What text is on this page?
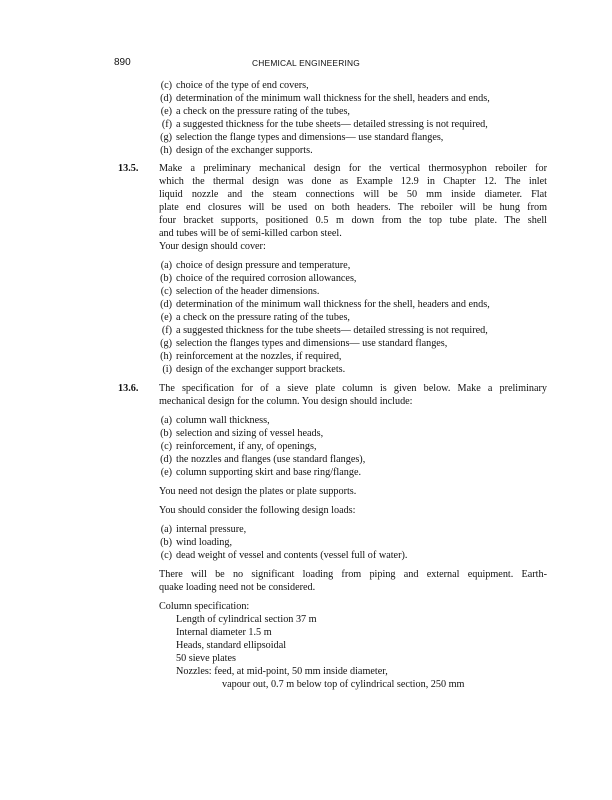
890	CHEMICAL ENGINEERING
(c) choice of the type of end covers,
(d) determination of the minimum wall thickness for the shell, headers and ends,
(e) a check on the pressure rating of the tubes,
(f) a suggested thickness for the tube sheets— detailed stressing is not required,
(g) selection the flange types and dimensions— use standard flanges,
(h) design of the exchanger supports.
13.5. Make a preliminary mechanical design for the vertical thermosyphon reboiler for
which the thermal design was done as Example 12.9 in Chapter 12. The inlet
liquid nozzle and the steam connections will be 50 mm inside diameter. Flat
plate end closures will be used on both headers. The reboiler will be hung from
four bracket supports, positioned 0.5 m down from the top tube plate. The shell
and tubes will be of semi-killed carbon steel.
Your design should cover:
(a) choice of design pressure and temperature,
(b) choice of the required corrosion allowances,
(c) selection of the header dimensions.
(d) determination of the minimum wall thickness for the shell, headers and ends,
(e) a check on the pressure rating of the tubes,
(f) a suggested thickness for the tube sheets— detailed stressing is not required,
(g) selection the flanges types and dimensions— use standard flanges,
(h) reinforcement at the nozzles, if required,
(i) design of the exchanger support brackets.
13.6. The specification for of a sieve plate column is given below. Make a preliminary
mechanical design for the column. You design should include:
(a) column wall thickness,
(b) selection and sizing of vessel heads,
(c) reinforcement, if any, of openings,
(d) the nozzles and flanges (use standard flanges),
(e) column supporting skirt and base ring/flange.
You need not design the plates or plate supports.
You should consider the following design loads:
(a) internal pressure,
(b) wind loading,
(c) dead weight of vessel and contents (vessel full of water).
There will be no significant loading from piping and external equipment. Earth-
quake loading need not be considered.
Column specification:
Length of cylindrical section 37 m
Internal diameter 1.5 m
Heads, standard ellipsoidal
50 sieve plates
Nozzles: feed, at mid-point, 50 mm inside diameter,
vapour out, 0.7 m below top of cylindrical section, 250 mm
